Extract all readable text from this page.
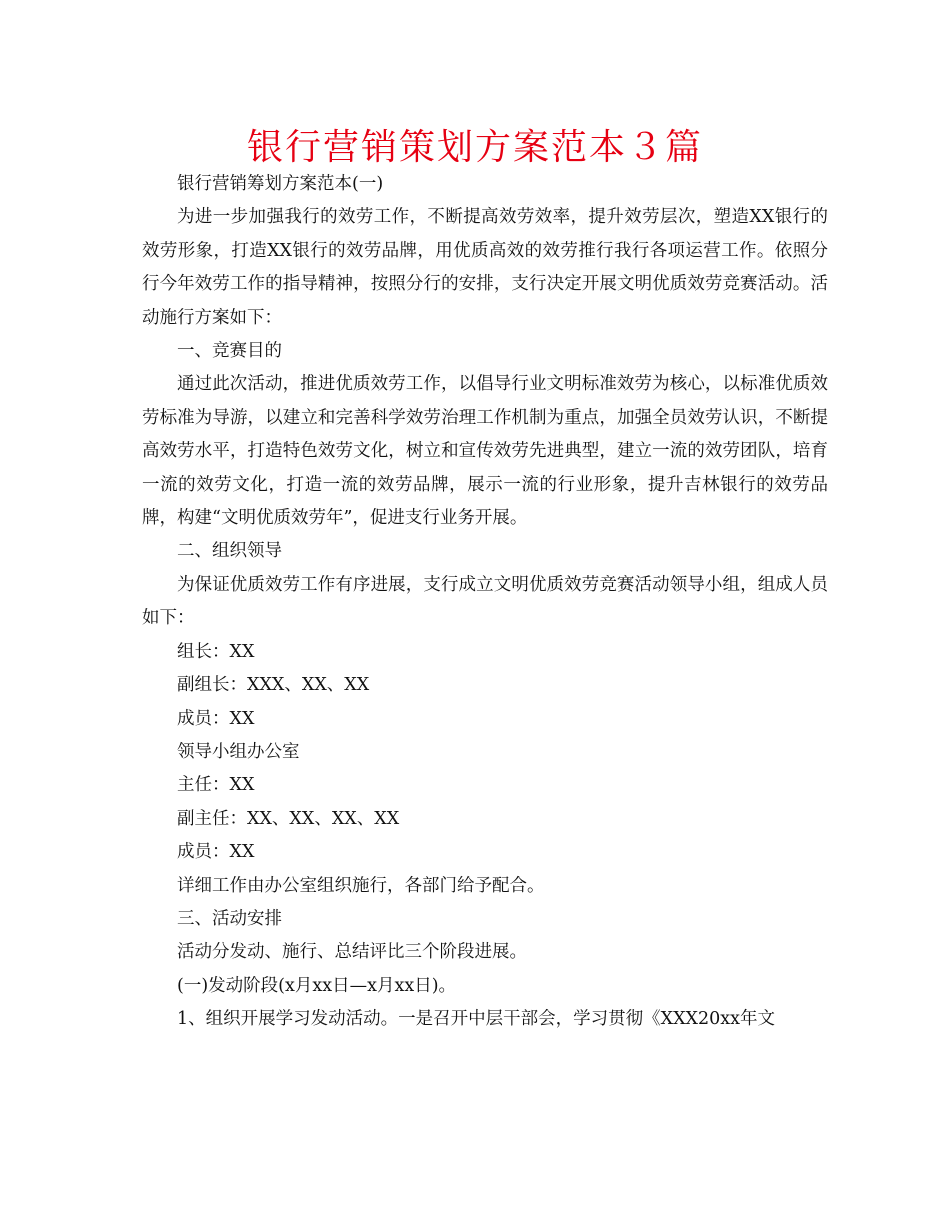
银行营销策划方案范本３篇

银行营销筹划方案范本(一)

为进一步加强我行的效劳工作，不断提高效劳效率，提升效劳层次，塑造XX银行的效劳形象，打造XX银行的效劳品牌，用优质高效的效劳推行我行各项运营工作。依照分行今年效劳工作的指导精神，按照分行的安排，支行决定开展文明优质效劳竞赛活动。活动施行方案如下：

一、竞赛目的

通过此次活动，推进优质效劳工作，以倡导行业文明标准效劳为核心，以标准优质效劳标准为导游，以建立和完善科学效劳治理工作机制为重点，加强全员效劳认识，不断提高效劳水平，打造特色效劳文化，树立和宣传效劳先进典型，建立一流的效劳团队，培育一流的效劳文化，打造一流的效劳品牌，展示一流的行业形象，提升吉林银行的效劳品牌，构建“文明优质效劳年”，促进支行业务开展。

二、组织领导

为保证优质效劳工作有序进展，支行成立文明优质效劳竞赛活动领导小组，组成人员如下：

组长：XX

副组长：XXX、XX、XX

成员：XX

领导小组办公室

主任：XX

副主任：XX、XX、XX、XX

成员：XX

详细工作由办公室组织施行，各部门给予配合。

三、活动安排

活动分发动、施行、总结评比三个阶段进展。

(一)发动阶段(x月xx日—x月xx日)。

1、组织开展学习发动活动。一是召开中层干部会，学习贯彻《XXX20xx年文
